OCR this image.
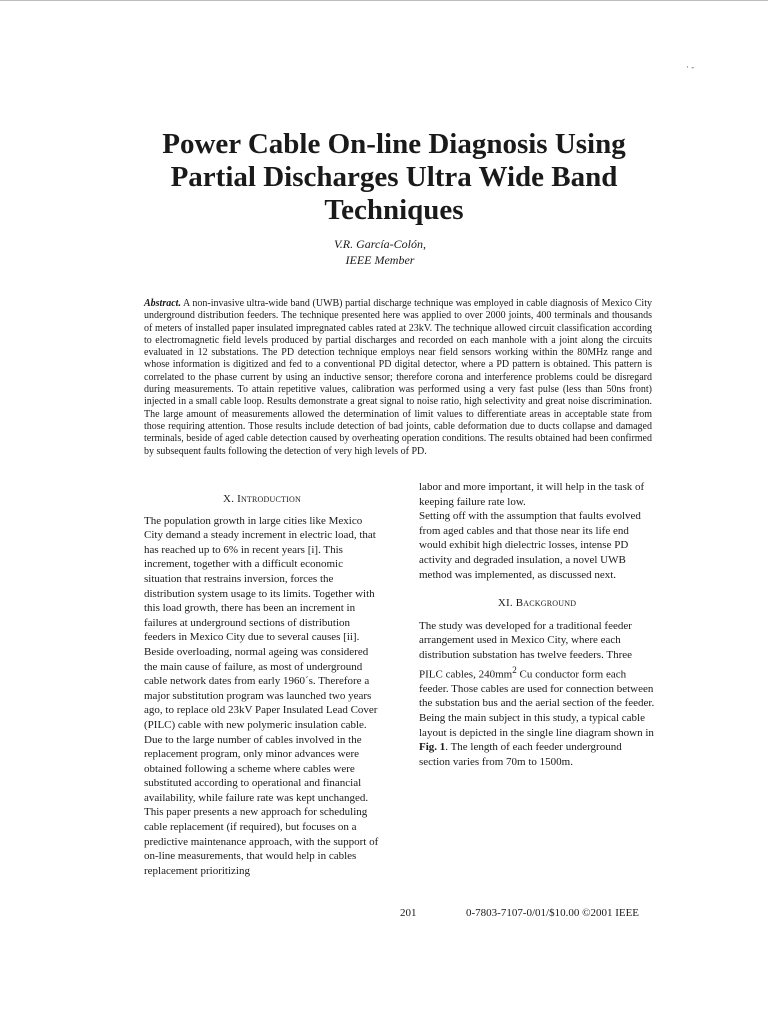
· -
Power Cable On-line Diagnosis Using
Partial Discharges Ultra Wide Band
Techniques
V.R. García-Colón,
IEEE Member
Abstract. A non-invasive ultra-wide band (UWB) partial discharge technique was employed in cable diagnosis of Mexico City underground distribution feeders. The technique presented here was applied to over 2000 joints, 400 terminals and thousands of meters of installed paper insulated impregnated cables rated at 23kV. The technique allowed circuit classification according to electromagnetic field levels produced by partial discharges and recorded on each manhole with a joint along the circuits evaluated in 12 substations. The PD detection technique employs near field sensors working within the 80MHz range and whose information is digitized and fed to a conventional PD digital detector, where a PD pattern is obtained. This pattern is correlated to the phase current by using an inductive sensor; therefore corona and interference problems could be disregard during measurements. To attain repetitive values, calibration was performed using a very fast pulse (less than 50ns front) injected in a small cable loop. Results demonstrate a great signal to noise ratio, high selectivity and great noise discrimination. The large amount of measurements allowed the determination of limit values to differentiate areas in acceptable state from those requiring attention. Those results include detection of bad joints, cable deformation due to ducts collapse and damaged terminals, beside of aged cable detection caused by overheating operation conditions. The results obtained had been confirmed by subsequent faults following the detection of very high levels of PD.

X. Introduction

The population growth in large cities like Mexico City demand a steady increment in electric load, that has reached up to 6% in recent years [i]. This increment, together with a difficult economic situation that restrains inversion, forces the distribution system usage to its limits. Together with this load growth, there has been an increment in failures at underground sections of distribution feeders in Mexico City due to several causes [ii]. Beside overloading, normal ageing was considered the main cause of failure, as most of underground cable network dates from early 1960´s. Therefore a major substitution program was launched two years ago, to replace old 23kV Paper Insulated Lead Cover (PILC) cable with new polymeric insulation cable.

Due to the large number of cables involved in the replacement program, only minor advances were obtained following a scheme where cables were substituted according to operational and financial availability, while failure rate was kept unchanged.

This paper presents a new approach for scheduling cable replacement (if required), but focuses on a predictive maintenance approach, with the support of on-line measurements, that would help in cables replacement prioritizing

labor and more important, it will help in the task of keeping failure rate low.

Setting off with the assumption that faults evolved from aged cables and that those near its life end would exhibit high dielectric losses, intense PD activity and degraded insulation, a novel UWB method was implemented, as discussed next.

XI. Background

The study was developed for a traditional feeder arrangement used in Mexico City, where each distribution substation has twelve feeders. Three PILC cables, $240mm^2$ Cu conductor form each feeder. Those cables are used for connection between the substation bus and the aerial section of the feeder. Being the main subject in this study, a typical cable layout is depicted in the single line diagram shown in Fig. 1. The length of each feeder underground section varies from 70m to 1500m.

201	0-7803-7107-0/01/$10.00 ©2001 IEEE
